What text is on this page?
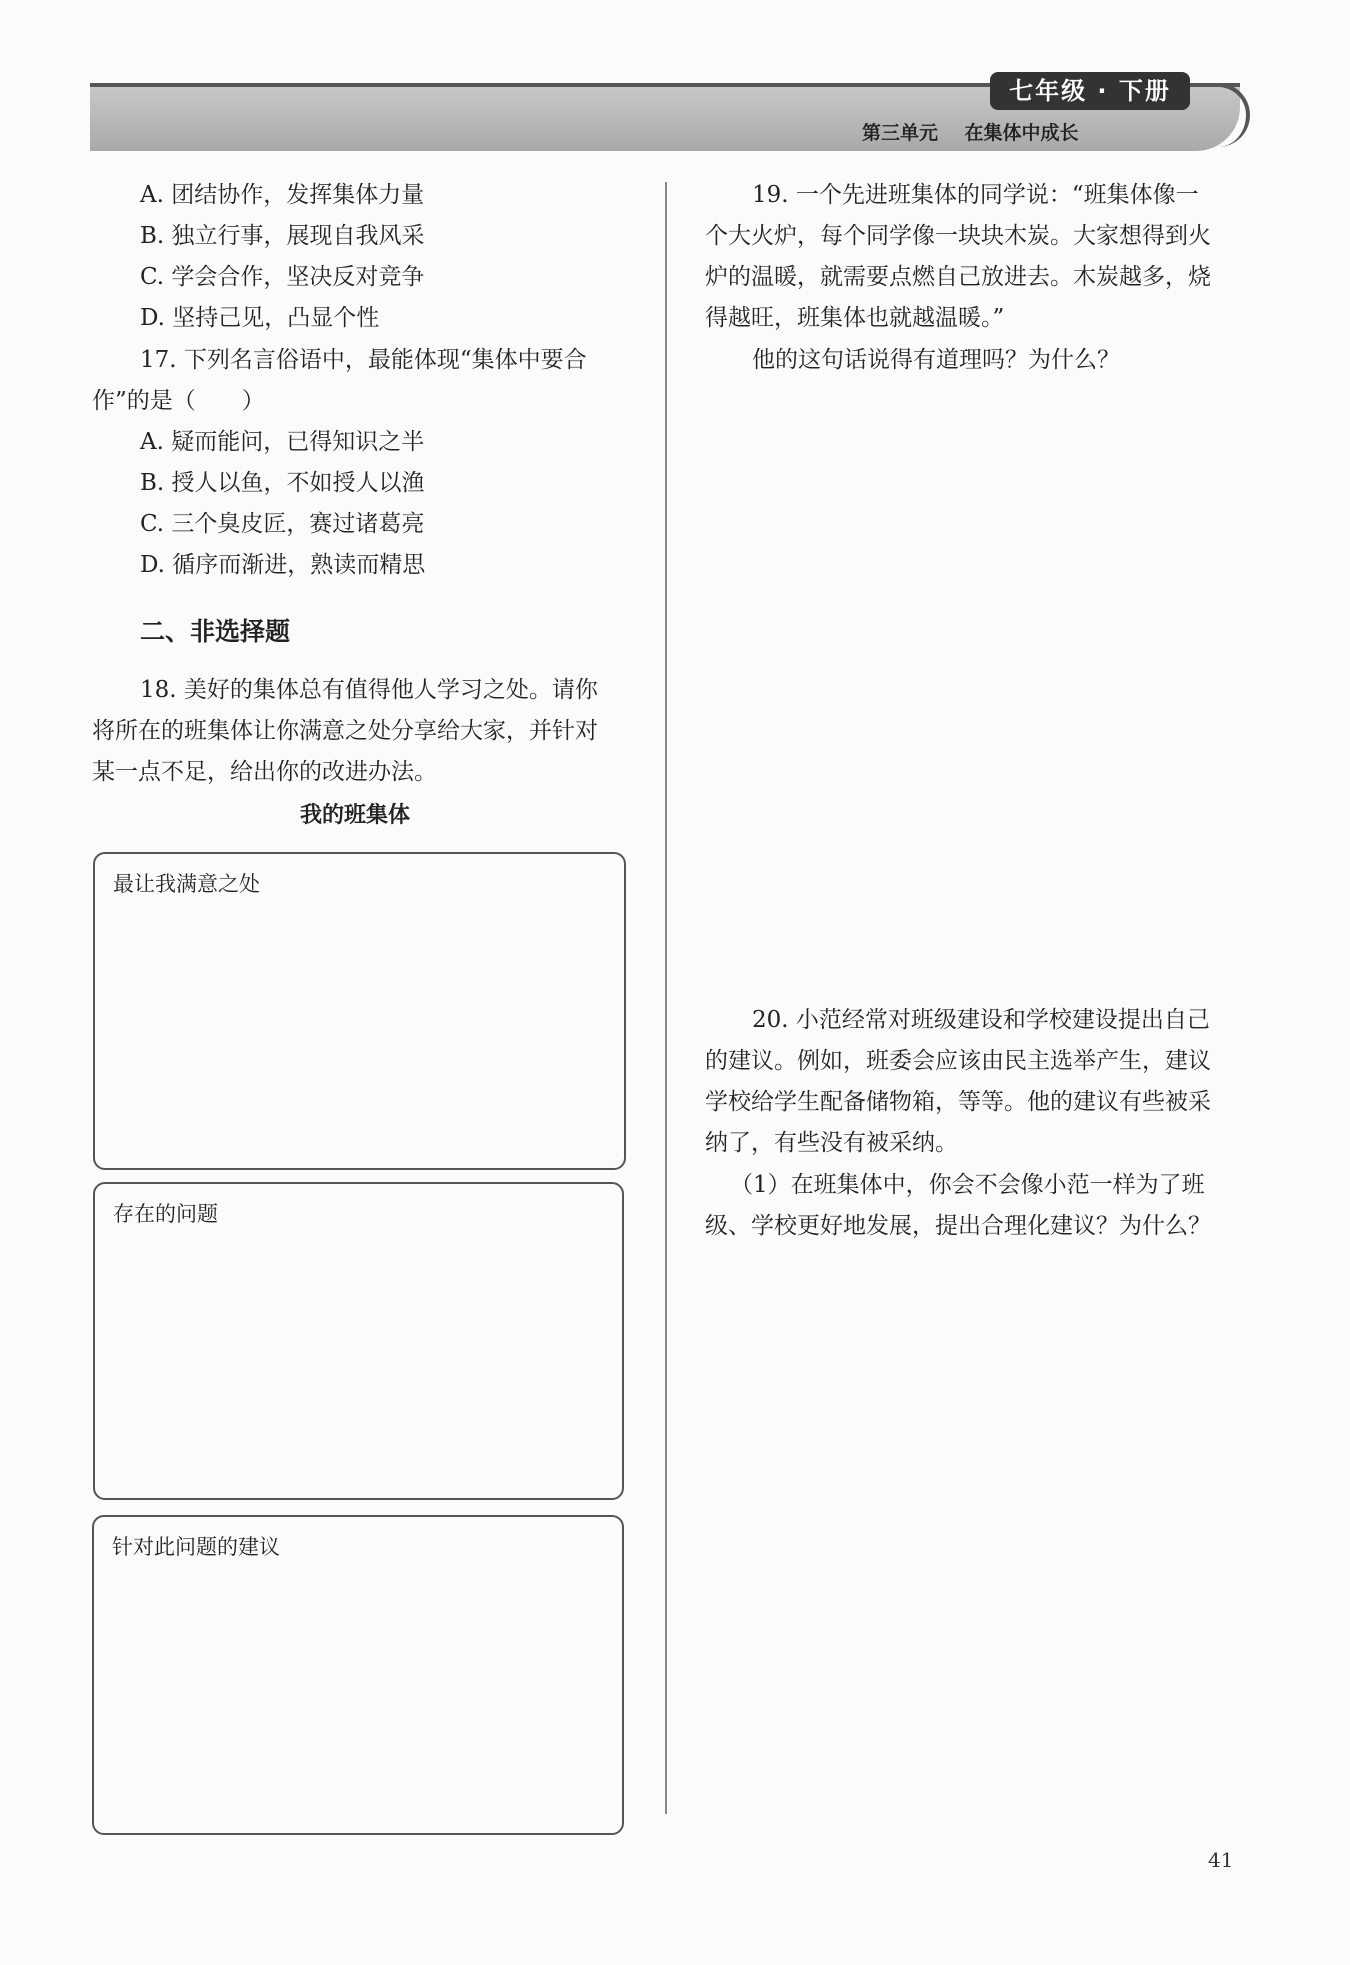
七年级 · 下册
第三单元    在集体中成长
A. 团结协作，发挥集体力量
B. 独立行事，展现自我风采
C. 学会合作，坚决反对竞争
D. 坚持己见，凸显个性
17. 下列名言俗语中，最能体现“集体中要合
作”的是（　　）
A. 疑而能问，已得知识之半
B. 授人以鱼，不如授人以渔
C. 三个臭皮匠，赛过诸葛亮
D. 循序而渐进，熟读而精思
二、非选择题
18. 美好的集体总有值得他人学习之处。请你
将所在的班集体让你满意之处分享给大家，并针对
某一点不足，给出你的改进办法。
我的班集体
最让我满意之处
存在的问题
针对此问题的建议
19. 一个先进班集体的同学说：“班集体像一
个大火炉，每个同学像一块块木炭。大家想得到火
炉的温暖，就需要点燃自己放进去。木炭越多，烧
得越旺，班集体也就越温暖。”
他的这句话说得有道理吗？为什么？
20. 小范经常对班级建设和学校建设提出自己
的建议。例如，班委会应该由民主选举产生，建议
学校给学生配备储物箱，等等。他的建议有些被采
纳了，有些没有被采纳。
（1）在班集体中，你会不会像小范一样为了班
级、学校更好地发展，提出合理化建议？为什么？
41
